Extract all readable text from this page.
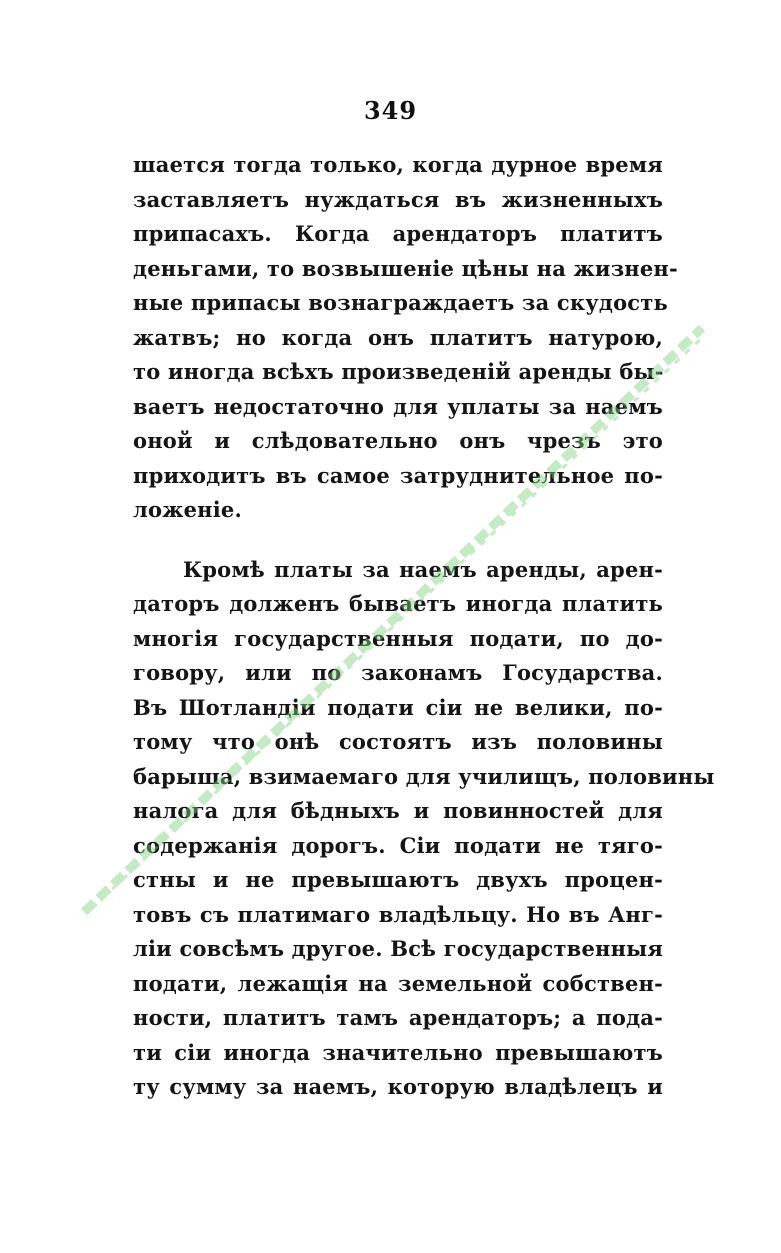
349
шается тогда только, когда дурное время
заставляетъ нуждаться въ жизненныхъ
припасахъ. Когда арендаторъ платитъ
деньгами, то возвышеніе цѣны на жизнен-
ные припасы вознаграждаетъ за скудость
жатвъ; но когда онъ платитъ натурою,
то иногда всѣхъ произведеній аренды бы-
ваетъ недостаточно для уплаты за наемъ
оной и слѣдовательно онъ чрезъ это
приходитъ въ самое затруднительное по-
ложеніе.
Кромѣ платы за наемъ аренды, арен-
даторъ долженъ бываетъ иногда платить
многія государственныя подати, по до-
говору, или по законамъ Государства.
Въ Шотландіи подати сіи не велики, по-
тому что онѣ состоятъ изъ половины
барыша, взимаемаго для училищъ, половины
налога для бѣдныхъ и повинностей для
содержанія дорогъ. Сіи подати не тяго-
стны и не превышаютъ двухъ процен-
товъ съ платимаго владѣльцу. Но въ Анг-
ліи совсѣмъ другое. Всѣ государственныя
подати, лежащія на земельной собствен-
ности, платитъ тамъ арендаторъ; а пода-
ти сіи иногда значительно превышаютъ
ту сумму за наемъ, которую владѣлецъ и
